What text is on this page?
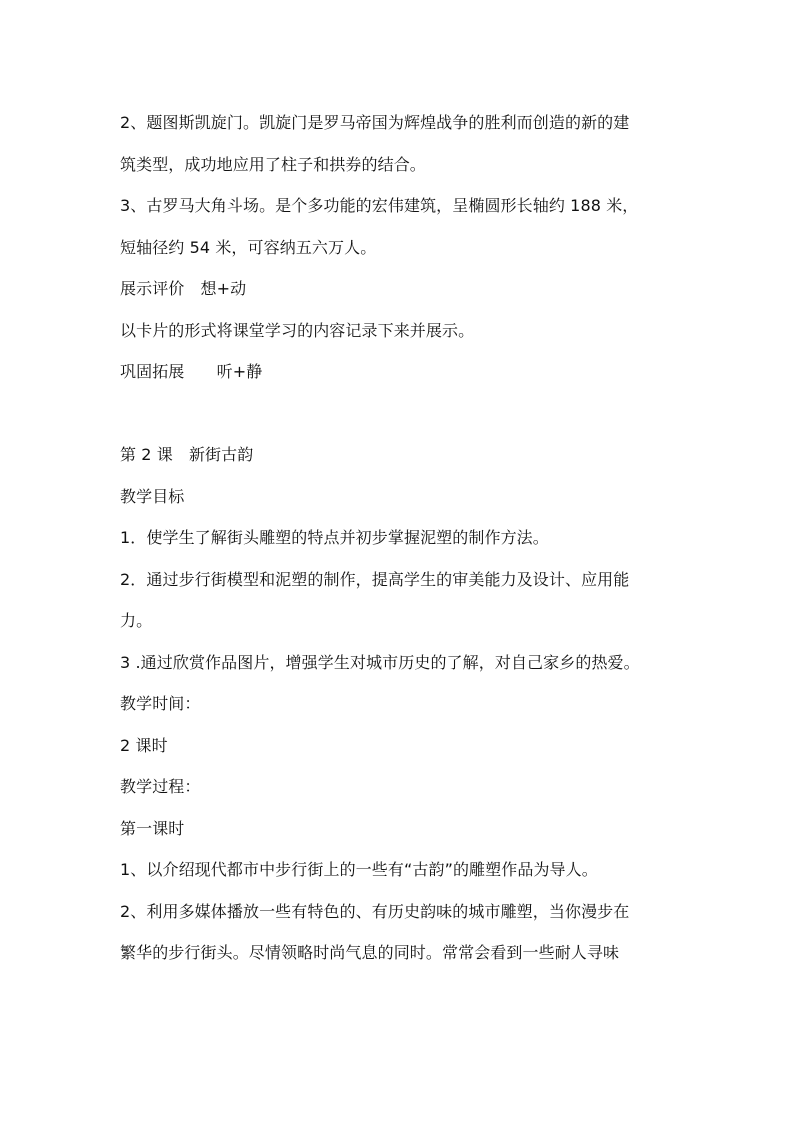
2、题图斯凯旋门。凯旋门是罗马帝国为辉煌战争的胜利而创造的新的建
筑类型，成功地应用了柱子和拱券的结合。
3、古罗马大角斗场。是个多功能的宏伟建筑，呈椭圆形长轴约 188 米，
短轴径约 54 米，可容纳五六万人。
展示评价　想+动
以卡片的形式将课堂学习的内容记录下来并展示。
巩固拓展　　听+静
第 2 课　新街古韵
教学目标
1．使学生了解街头雕塑的特点并初步掌握泥塑的制作方法。
2．通过步行街模型和泥塑的制作，提高学生的审美能力及设计、应用能
力。
3 .通过欣赏作品图片，增强学生对城市历史的了解，对自己家乡的热爱。
教学时间：
2 课时
教学过程：
第一课时
1、以介绍现代都市中步行街上的一些有“古韵”的雕塑作品为导人。
2、利用多媒体播放一些有特色的、有历史韵味的城市雕塑，当你漫步在
繁华的步行街头。尽情领略时尚气息的同时。常常会看到一些耐人寻味
